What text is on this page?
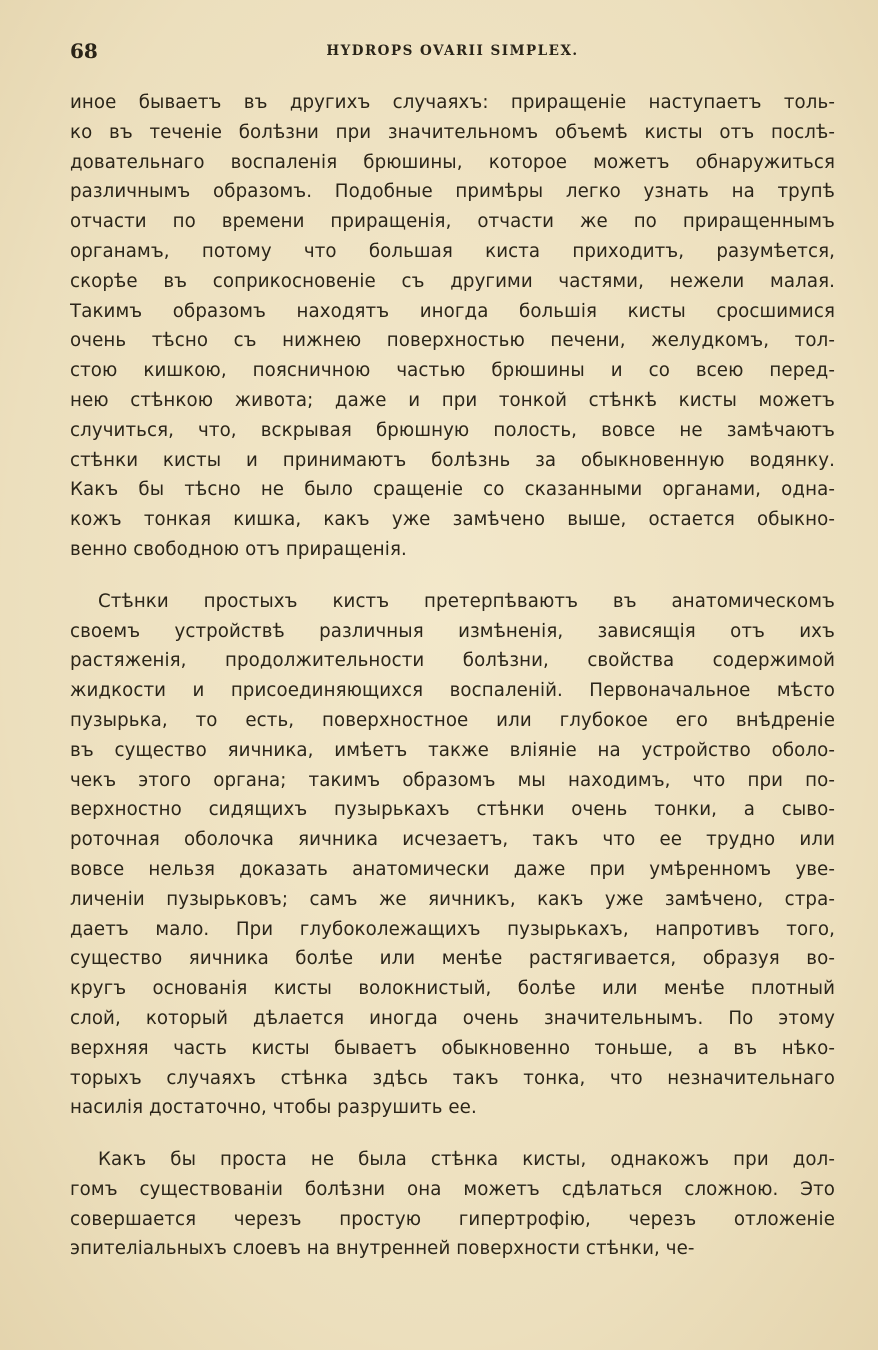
68	HYDROPS OVARII SIMPLEX.
иное бываетъ въ другихъ случаяхъ: приращеніе наступаетъ толь-
ко въ теченіе болѣзни при значительномъ объемѣ кисты отъ послѣ-
довательнаго воспаленія брюшины, которое можетъ обнаружиться
различнымъ образомъ. Подобные примѣры легко узнать на трупѣ
отчасти по времени приращенія, отчасти же по приращеннымъ
органамъ, потому что большая киста приходитъ, разумѣется,
скорѣе въ соприкосновеніе съ другими частями, нежели малая.
Такимъ образомъ находятъ иногда большія кисты сросшимися
очень тѣсно съ нижнею поверхностью печени, желудкомъ, тол-
стою кишкою, поясничною частью брюшины и со всею перед-
нею стѣнкою живота; даже и при тонкой стѣнкѣ кисты можетъ
случиться, что, вскрывая брюшную полость, вовсе не замѣчаютъ
стѣнки кисты и принимаютъ болѣзнь за обыкновенную водянку.
Какъ бы тѣсно не было сращеніе со сказанными органами, одна-
кожъ тонкая кишка, какъ уже замѣчено выше, остается обыкно-
венно свободною отъ приращенія.
Стѣнки простыхъ кистъ претерпѣваютъ въ анатомическомъ
своемъ устройствѣ различныя измѣненія, зависящія отъ ихъ
растяженія, продолжительности болѣзни, свойства содержимой
жидкости и присоединяющихся воспаленій. Первоначальное мѣсто
пузырька, то есть, поверхностное или глубокое его внѣдреніе
въ существо яичника, имѣетъ также вліяніе на устройство оболо-
чекъ этого органа; такимъ образомъ мы находимъ, что при по-
верхностно сидящихъ пузырькахъ стѣнки очень тонки, а сыво-
роточная оболочка яичника исчезаетъ, такъ что ее трудно или
вовсе нельзя доказать анатомически даже при умѣренномъ уве-
личеніи пузырьковъ; самъ же яичникъ, какъ уже замѣчено, стра-
даетъ мало. При глубоколежащихъ пузырькахъ, напротивъ того,
существо яичника болѣе или менѣе растягивается, образуя во-
кругъ основанія кисты волокнистый, болѣе или менѣе плотный
слой, который дѣлается иногда очень значительнымъ. По этому
верхняя часть кисты бываетъ обыкновенно тоньше, а въ нѣко-
торыхъ случаяхъ стѣнка здѣсь такъ тонка, что незначительнаго
насилія достаточно, чтобы разрушить ее.
Какъ бы проста не была стѣнка кисты, однакожъ при дол-
гомъ существованіи болѣзни она можетъ сдѣлаться сложною. Это
совершается черезъ простую гипертрофію, черезъ отложеніе
эпителіальныхъ слоевъ на внутренней поверхности стѣнки, че-
